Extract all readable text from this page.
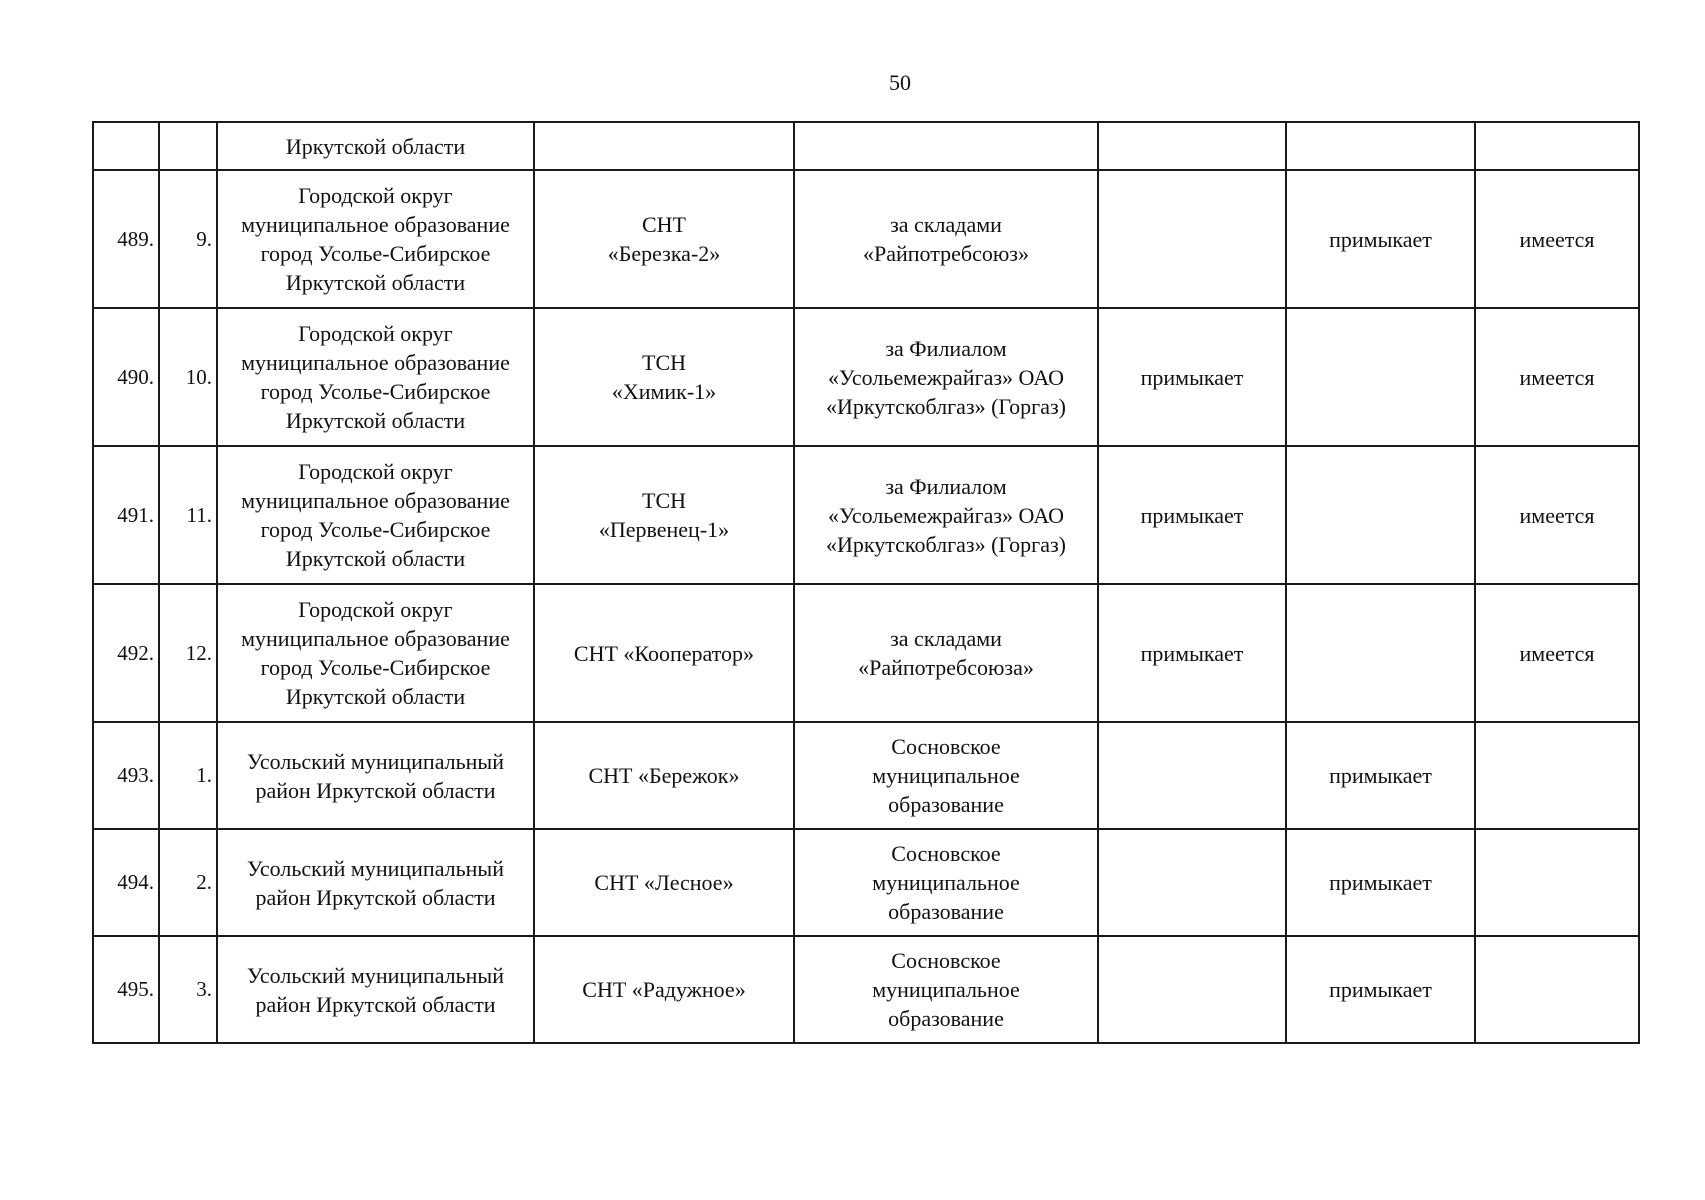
50
		Иркутской области					
489.	9.	Городской округ
муниципальное образование
город Усолье-Сибирское
Иркутской области	СНТ
«Березка-2»	за складами
«Райпотребсоюз»		примыкает	имеется
490.	10.	Городской округ
муниципальное образование
город Усолье-Сибирское
Иркутской области	ТСН
«Химик-1»	за Филиалом
«Усольемежрайгаз» ОАО
«Иркутскоблгаз» (Горгаз)	примыкает		имеется
491.	11.	Городской округ
муниципальное образование
город Усолье-Сибирское
Иркутской области	ТСН
«Первенец-1»	за Филиалом
«Усольемежрайгаз» ОАО
«Иркутскоблгаз» (Горгаз)	примыкает		имеется
492.	12.	Городской округ
муниципальное образование
город Усолье-Сибирское
Иркутской области	СНТ «Кооператор»	за складами
«Райпотребсоюза»	примыкает		имеется
493.	1.	Усольский муниципальный
район Иркутской области	СНТ «Бережок»	Сосновское
муниципальное
образование		примыкает	
494.	2.	Усольский муниципальный
район Иркутской области	СНТ «Лесное»	Сосновское
муниципальное
образование		примыкает	
495.	3.	Усольский муниципальный
район Иркутской области	СНТ «Радужное»	Сосновское
муниципальное
образование		примыкает	
